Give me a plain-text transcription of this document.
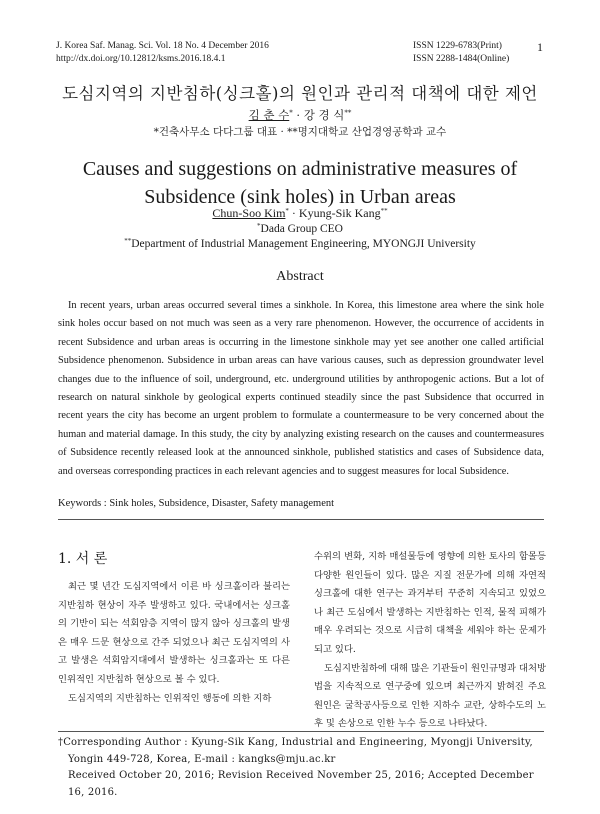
J. Korea Saf. Manag. Sci. Vol. 18 No. 4 December 2016
http://dx.doi.org/10.12812/ksms.2016.18.4.1
ISSN 1229-6783(Print)
ISSN 2288-1484(Online)
1
도심지역의 지반침하(싱크홀)의 원인과 관리적 대책에 대한 제언
김 춘 수* · 강 경 식**
*건축사무소 다다그룹 대표 · **명지대학교 산업경영공학과 교수
Causes and suggestions on administrative measures of
Subsidence (sink holes) in Urban areas
Chun-Soo Kim* · Kyung-Sik Kang**
*Dada Group CEO
**Department of Industrial Management Engineering, MYONGJI University
Abstract

In recent years, urban areas occurred several times a sinkhole. In Korea, this limestone area where the sink hole sink holes occur based on not much was seen as a very rare phenomenon. However, the occurrence of accidents in recent Subsidence and urban areas is occurring in the limestone sinkhole may yet see another one called artificial Subsidence phenomenon. Subsidence in urban areas can have various causes, such as depression groundwater level changes due to the influence of soil, underground, etc. underground utilities by anthropogenic actions. But a lot of research on natural sinkhole by geological experts continued steadily since the past Subsidence that occurred in recent years the city has become an urgent problem to formulate a countermeasure to be very concerned about the human and material damage. In this study, the city by analyzing existing research on the causes and countermeasures of Subsidence recently released look at the announced sinkhole, published statistics and cases of Subsidence data, and overseas corresponding practices in each relevant agencies and to suggest measures for local Subsidence.

Keywords : Sink holes, Subsidence, Disaster, Safety management
1. 서 론

최근 몇 년간 도심지역에서 이른 바 싱크홀이라 불리는 지반침하 현상이 자주 발생하고 있다. 국내에서는 싱크홀의 기반이 되는 석회암층 지역이 많지 않아 싱크홀의 발생은 매우 드문 현상으로 간주 되었으나 최근 도심지역의 사고 발생은 석회암지대에서 발생하는 싱크홀과는 또 다른 인위적인 지반침하 현상으로 볼 수 있다.

도심지역의 지반침하는 인위적인 행동에 의한 지하

수위의 변화, 지하 매설물등에 영향에 의한 토사의 함몰등 다양한 원인들이 있다. 많은 지질 전문가에 의해 자연적 싱크홀에 대한 연구는 과거부터 꾸준히 지속되고 있었으나 최근 도심에서 발생하는 지반침하는 인적, 물적 피해가 매우 우려되는 것으로 시급히 대책을 세워야 하는 문제가 되고 있다.

도심지반침하에 대해 많은 기관들이 원인규명과 대처방법을 지속적으로 연구중에 있으며 최근까지 밝혀진 주요 원인은 굴착공사등으로 인한 지하수 교란, 상하수도의 노후 및 손상으로 인한 누수 등으로 나타났다.

†Corresponding Author : Kyung-Sik Kang, Industrial and Engineering, Myongji University,
Yongin 449-728, Korea, E-mail : kangks@mju.ac.kr
Received October 20, 2016; Revision Received November 25, 2016; Accepted December 16, 2016.
